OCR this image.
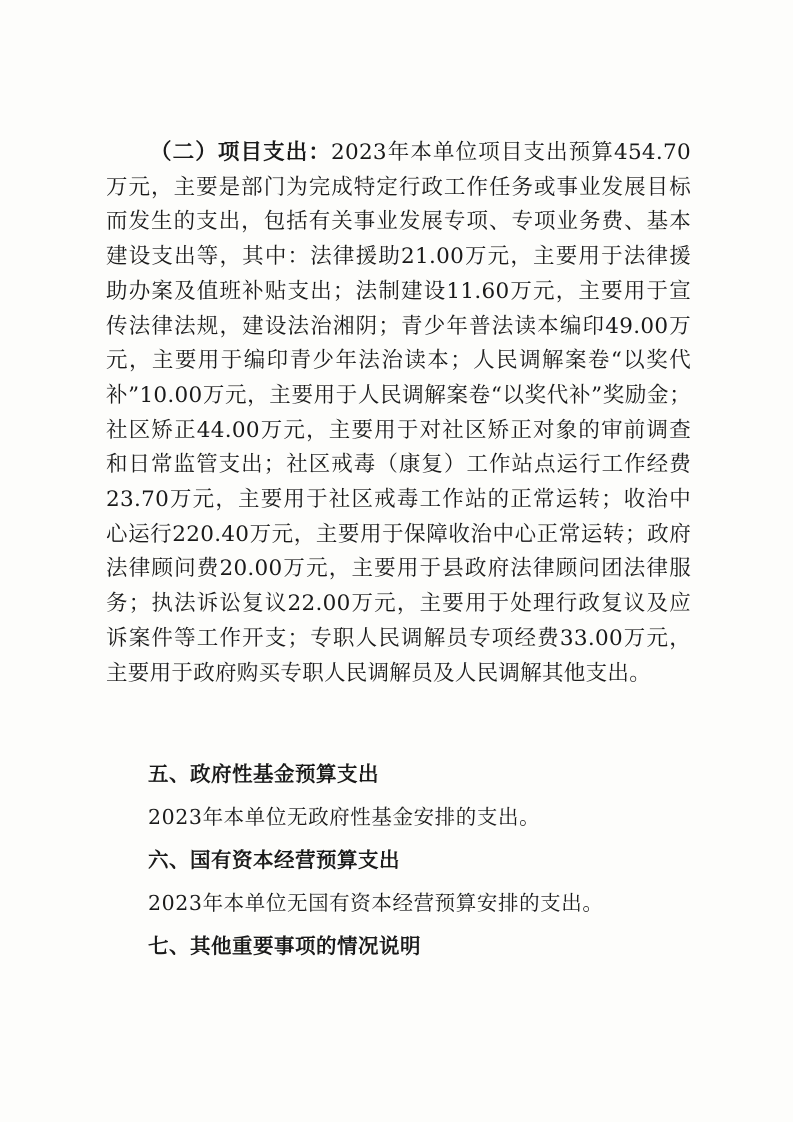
（二）项目支出：2023年本单位项目支出预算454.70万元，主要是部门为完成特定行政工作任务或事业发展目标而发生的支出，包括有关事业发展专项、专项业务费、基本建设支出等，其中：法律援助21.00万元，主要用于法律援助办案及值班补贴支出；法制建设11.60万元，主要用于宣传法律法规，建设法治湘阴；青少年普法读本编印49.00万元，主要用于编印青少年法治读本；人民调解案卷“以奖代补”10.00万元，主要用于人民调解案卷“以奖代补”奖励金；社区矫正44.00万元，主要用于对社区矫正对象的审前调查和日常监管支出；社区戒毒（康复）工作站点运行工作经费23.70万元，主要用于社区戒毒工作站的正常运转；收治中心运行220.40万元，主要用于保障收治中心正常运转；政府法律顾问费20.00万元，主要用于县政府法律顾问团法律服务；执法诉讼复议22.00万元，主要用于处理行政复议及应诉案件等工作开支；专职人民调解员专项经费33.00万元，主要用于政府购买专职人民调解员及人民调解其他支出。

五、政府性基金预算支出

2023年本单位无政府性基金安排的支出。

六、国有资本经营预算支出

2023年本单位无国有资本经营预算安排的支出。

七、其他重要事项的情况说明
